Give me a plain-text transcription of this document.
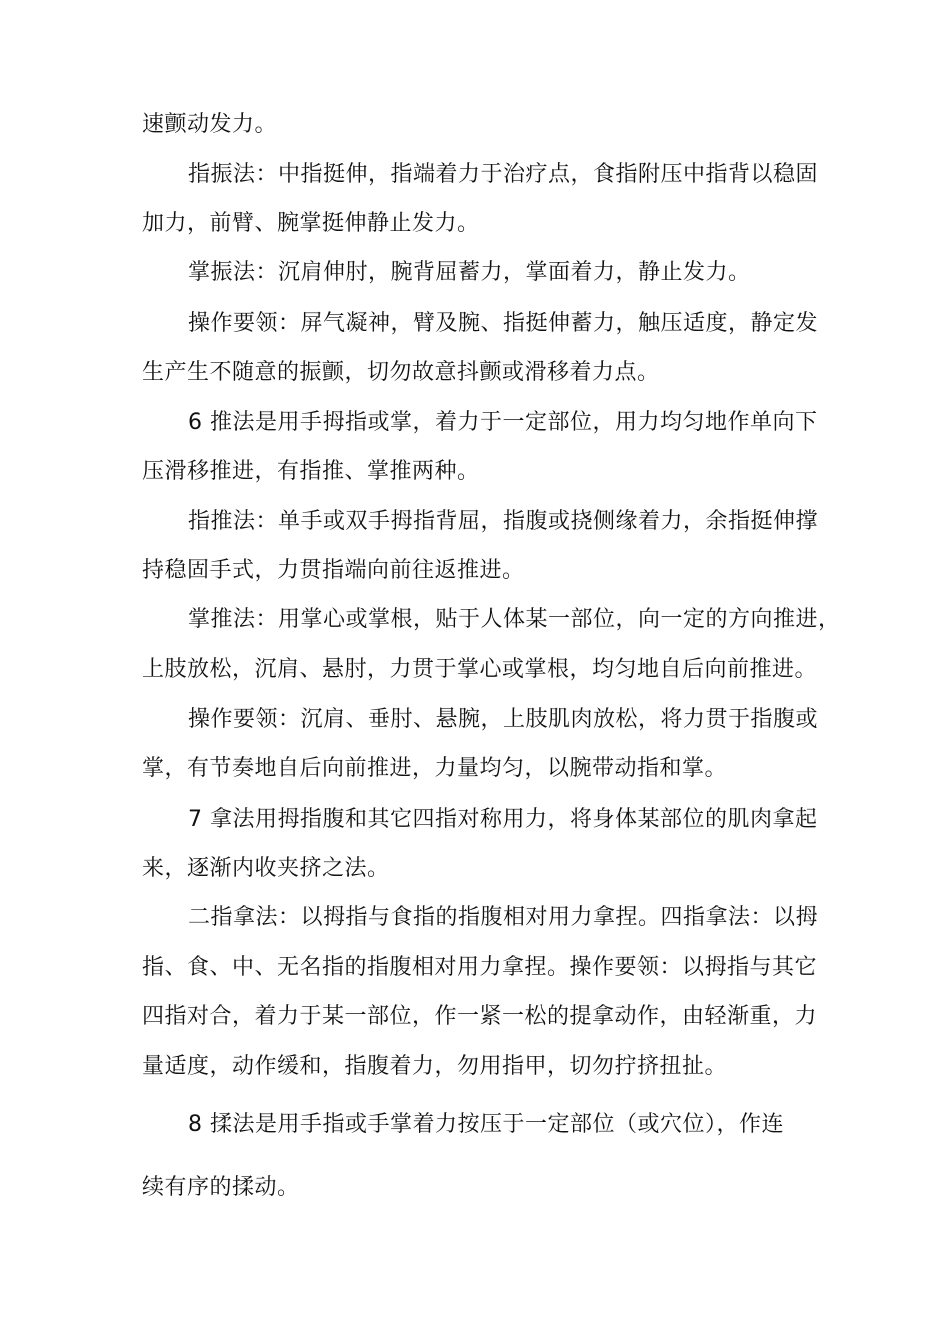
速颤动发力。
指振法：中指挺伸，指端着力于治疗点，食指附压中指背以稳固
加力，前臂、腕掌挺伸静止发力。
掌振法：沉肩伸肘，腕背屈蓄力，掌面着力，静止发力。
操作要领：屏气凝神，臂及腕、指挺伸蓄力，触压适度，静定发
生产生不随意的振颤，切勿故意抖颤或滑移着力点。
6 推法是用手拇指或掌，着力于一定部位，用力均匀地作单向下
压滑移推进，有指推、掌推两种。
指推法：单手或双手拇指背屈，指腹或挠侧缘着力，余指挺伸撑
持稳固手式，力贯指端向前往返推进。
掌推法：用掌心或掌根，贴于人体某一部位，向一定的方向推进，
上肢放松，沉肩、悬肘，力贯于掌心或掌根，均匀地自后向前推进。
操作要领：沉肩、垂肘、悬腕，上肢肌肉放松，将力贯于指腹或
掌，有节奏地自后向前推进，力量均匀，以腕带动指和掌。
7 拿法用拇指腹和其它四指对称用力，将身体某部位的肌肉拿起
来，逐渐内收夹挤之法。
二指拿法：以拇指与食指的指腹相对用力拿捏。四指拿法：以拇
指、食、中、无名指的指腹相对用力拿捏。操作要领：以拇指与其它
四指对合，着力于某一部位，作一紧一松的提拿动作，由轻渐重，力
量适度，动作缓和，指腹着力，勿用指甲，切勿拧挤扭扯。
8 揉法是用手指或手掌着力按压于一定部位（或穴位），作连
续有序的揉动。
